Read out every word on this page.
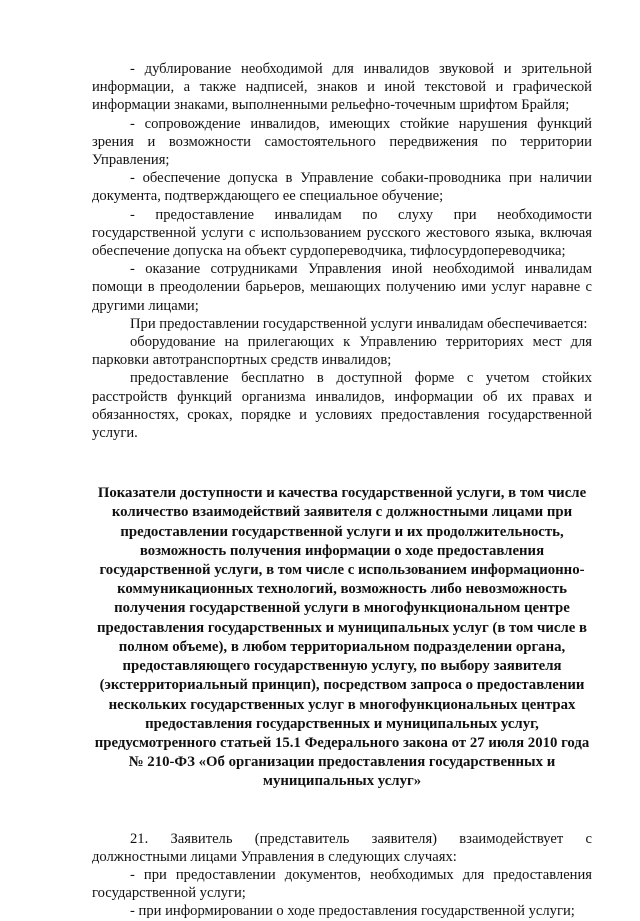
- дублирование необходимой для инвалидов звуковой и зрительной информации, а также надписей, знаков и иной текстовой и графической информации знаками, выполненными рельефно-точечным шрифтом Брайля;

- сопровождение инвалидов, имеющих стойкие нарушения функций зрения и возможности самостоятельного передвижения по территории Управления;

- обеспечение допуска в Управление собаки-проводника при наличии документа, подтверждающего ее специальное обучение;

- предоставление инвалидам по слуху при необходимости государственной услуги с использованием русского жестового языка, включая обеспечение допуска на объект сурдопереводчика, тифлосурдопереводчика;

- оказание сотрудниками Управления иной необходимой инвалидам помощи в преодолении барьеров, мешающих получению ими услуг наравне с другими лицами;

При предоставлении государственной услуги инвалидам обеспечивается:

оборудование на прилегающих к Управлению территориях мест для парковки автотранспортных средств инвалидов;

предоставление бесплатно в доступной форме с учетом стойких расстройств функций организма инвалидов, информации об их правах и обязанностях, сроках, порядке и условиях предоставления государственной услуги.

Показатели доступности и качества государственной услуги, в том числе количество взаимодействий заявителя с должностными лицами при предоставлении государственной услуги и их продолжительность, возможность получения информации о ходе предоставления государственной услуги, в том числе с использованием информационно-коммуникационных технологий, возможность либо невозможность получения государственной услуги в многофункциональном центре предоставления государственных и муниципальных услуг (в том числе в полном объеме), в любом территориальном подразделении органа, предоставляющего государственную услугу, по выбору заявителя (экстерриториальный принцип), посредством запроса о предоставлении нескольких государственных услуг в многофункциональных центрах предоставления государственных и муниципальных услуг, предусмотренного статьей 15.1 Федерального закона от 27 июля 2010 года № 210-ФЗ «Об организации предоставления государственных и муниципальных услуг»

21. Заявитель (представитель заявителя) взаимодействует с должностными лицами Управления в следующих случаях:

- при предоставлении документов, необходимых для предоставления государственной услуги;

- при информировании о ходе предоставления государственной услуги;
